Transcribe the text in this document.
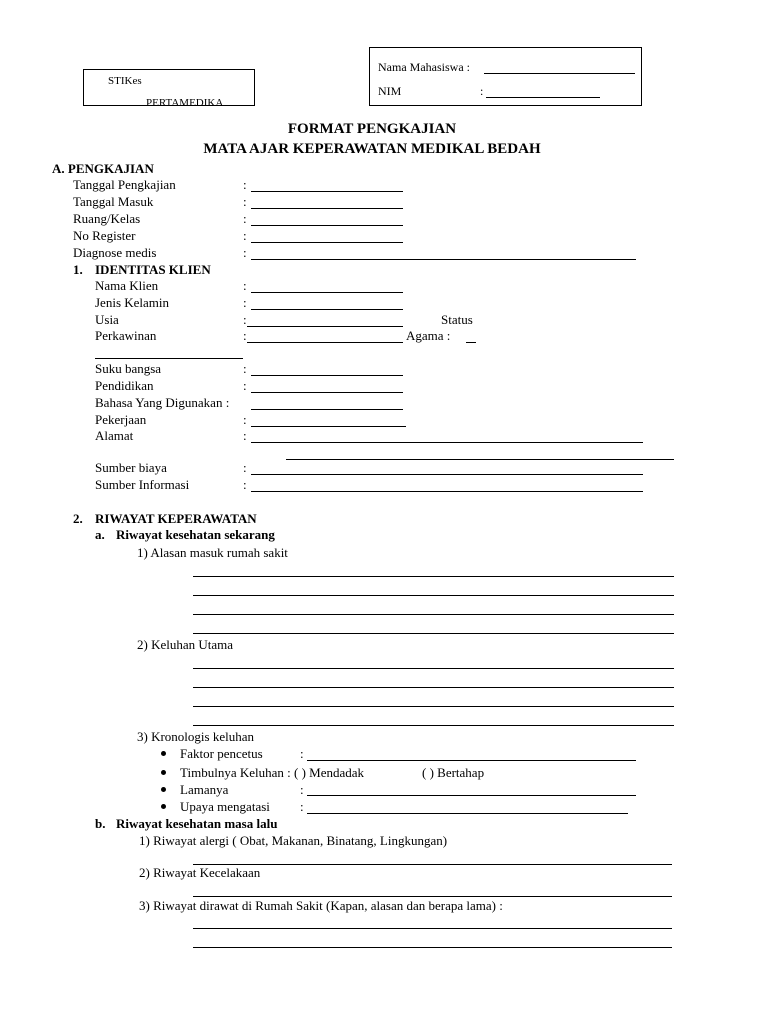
STIKes
PERTAMEDIKA
Nama Mahasiswa :
NIM	:
FORMAT PENGKAJIAN
MATA AJAR KEPERAWATAN MEDIKAL BEDAH
A. PENGKAJIAN
Tanggal Pengkajian	:
Tanggal Masuk	:
Ruang/Kelas	:
No Register	:
Diagnose medis	:
1. IDENTITAS KLIEN
Nama Klien	:
Jenis Kelamin	:
Usia	:	Status
Perkawinan	:	Agama :
Suku bangsa	:
Pendidikan	:
Bahasa Yang Digunakan :
Pekerjaan	:
Alamat	:
Sumber biaya	:
Sumber Informasi	:
2. RIWAYAT KEPERAWATAN
a. Riwayat kesehatan sekarang
1) Alasan masuk rumah sakit
2) Keluhan Utama
3) Kronologis keluhan
Faktor pencetus	:
Timbulnya Keluhan : ( ) Mendadak	( ) Bertahap
Lamanya	:
Upaya mengatasi :
b. Riwayat kesehatan masa lalu
1) Riwayat alergi ( Obat, Makanan, Binatang, Lingkungan)
2) Riwayat Kecelakaan
3) Riwayat dirawat di Rumah Sakit (Kapan, alasan dan berapa lama) :
